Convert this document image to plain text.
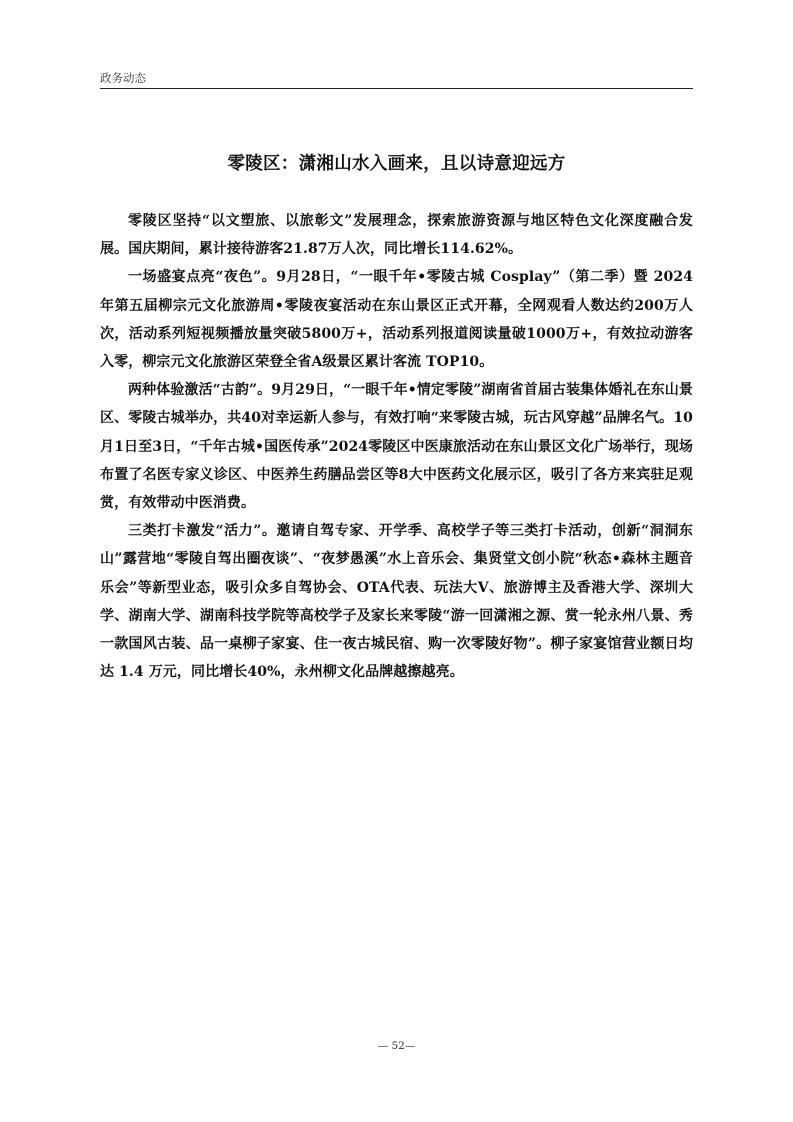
政务动态
零陵区：潇湘山水入画来，且以诗意迎远方

零陵区坚持“以文塑旅、以旅彰文”发展理念，探索旅游资源与地区特色文化深度融合发展。国庆期间，累计接待游客21.87万人次，同比增长114.62%。

一场盛宴点亮“夜色”。9月28日，“一眼千年•零陵古城 Cosplay”（第二季）暨 2024 年第五届柳宗元文化旅游周•零陵夜宴活动在东山景区正式开幕，全网观看人数达约200万人次，活动系列短视频播放量突破5800万+，活动系列报道阅读量破1000万+，有效拉动游客入零，柳宗元文化旅游区荣登全省A级景区累计客流 TOP10。

两种体验激活“古韵”。9月29日，“一眼千年•情定零陵”湖南省首届古装集体婚礼在东山景区、零陵古城举办，共40对幸运新人参与，有效打响“来零陵古城，玩古风穿越”品牌名气。10月1日至3日，“千年古城•国医传承”2024零陵区中医康旅活动在东山景区文化广场举行，现场布置了名医专家义诊区、中医养生药膳品尝区等8大中医药文化展示区，吸引了各方来宾驻足观赏，有效带动中医消费。

三类打卡激发“活力”。邀请自驾专家、开学季、高校学子等三类打卡活动，创新“洞洞东山”露营地“零陵自驾出圈夜谈”、“夜梦愚溪”水上音乐会、集贤堂文创小院“秋态•森林主题音乐会”等新型业态，吸引众多自驾协会、OTA代表、玩法大V、旅游博主及香港大学、深圳大学、湖南大学、湖南科技学院等高校学子及家长来零陵“游一回潇湘之源、赏一轮永州八景、秀一款国风古装、品一桌柳子家宴、住一夜古城民宿、购一次零陵好物”。柳子家宴馆营业额日均达 1.4 万元，同比增长40%，永州柳文化品牌越擦越亮。

— 52—
